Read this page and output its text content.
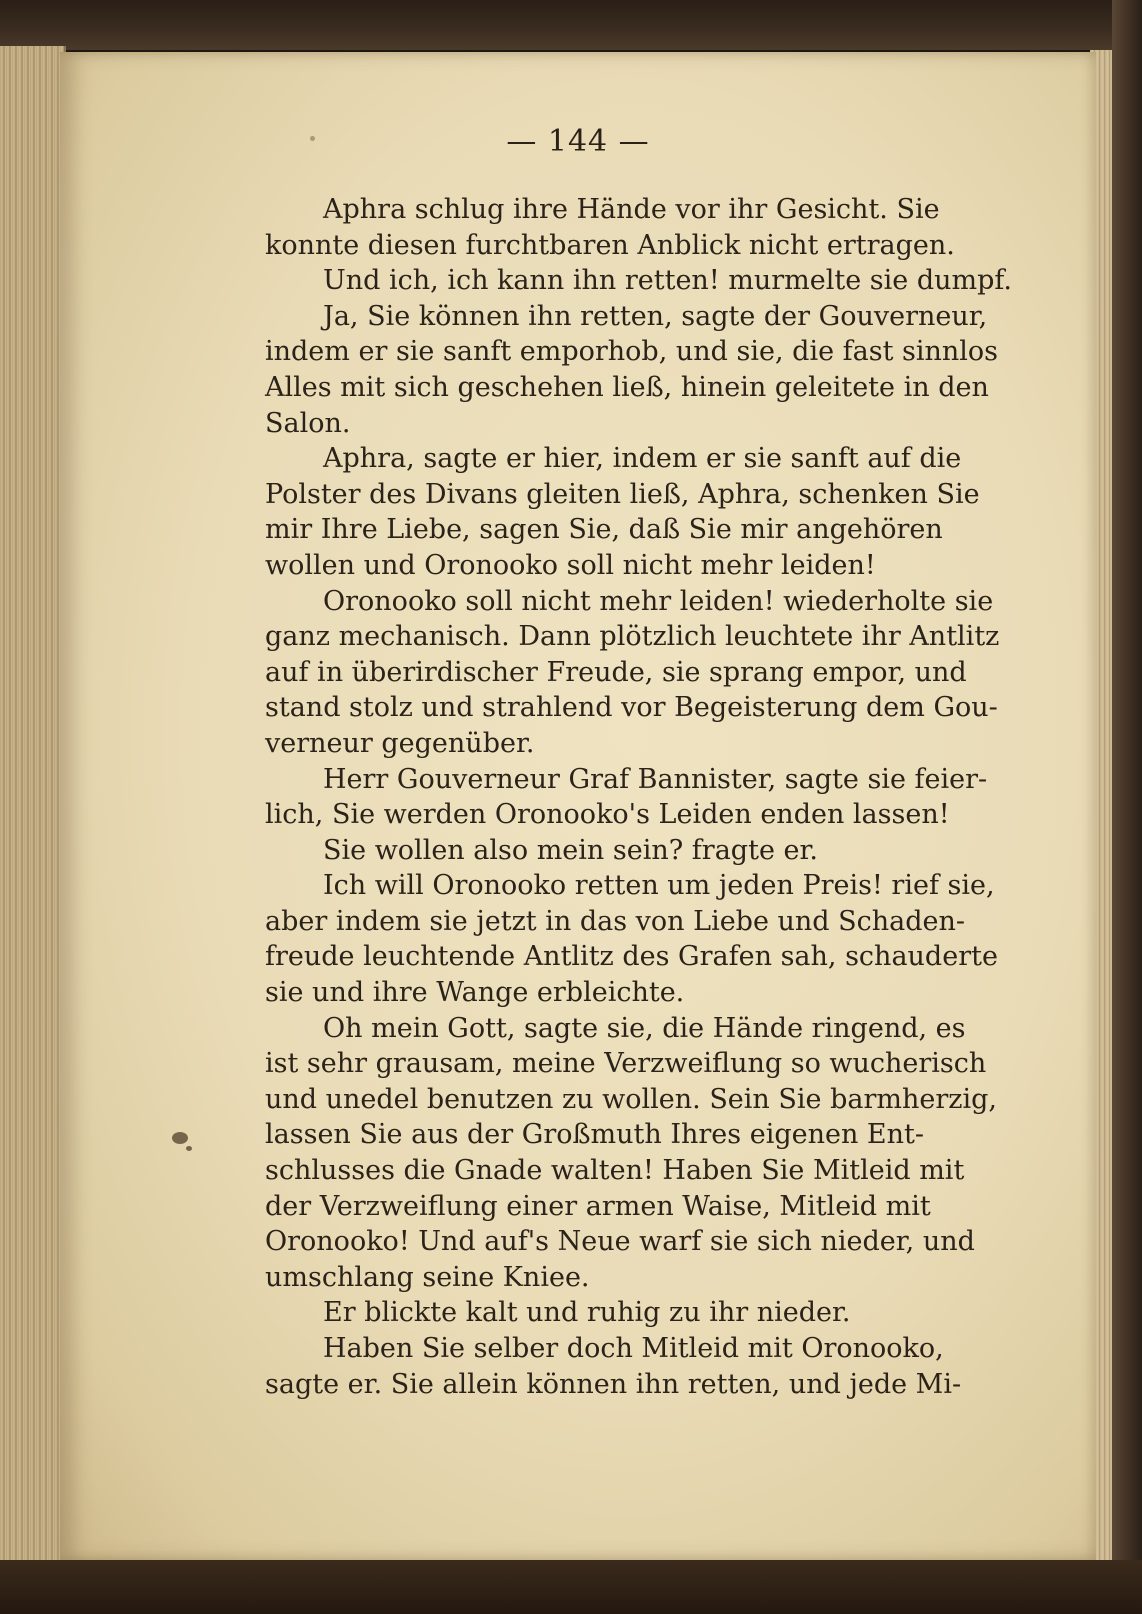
— 144 —
Aphra schlug ihre Hände vor ihr Gesicht. Sie
konnte diesen furchtbaren Anblick nicht ertragen.
Und ich, ich kann ihn retten! murmelte sie dumpf.
Ja, Sie können ihn retten, sagte der Gouverneur,
indem er sie sanft emporhob, und sie, die fast sinnlos
Alles mit sich geschehen ließ, hinein geleitete in den
Salon.
Aphra, sagte er hier, indem er sie sanft auf die
Polster des Divans gleiten ließ, Aphra, schenken Sie
mir Ihre Liebe, sagen Sie, daß Sie mir angehören
wollen und Oronooko soll nicht mehr leiden!
Oronooko soll nicht mehr leiden! wiederholte sie
ganz mechanisch. Dann plötzlich leuchtete ihr Antlitz
auf in überirdischer Freude, sie sprang empor, und
stand stolz und strahlend vor Begeisterung dem Gou-
verneur gegenüber.
Herr Gouverneur Graf Bannister, sagte sie feier-
lich, Sie werden Oronooko's Leiden enden lassen!
Sie wollen also mein sein? fragte er.
Ich will Oronooko retten um jeden Preis! rief sie,
aber indem sie jetzt in das von Liebe und Schaden-
freude leuchtende Antlitz des Grafen sah, schauderte
sie und ihre Wange erbleichte.
Oh mein Gott, sagte sie, die Hände ringend, es
ist sehr grausam, meine Verzweiflung so wucherisch
und unedel benutzen zu wollen. Sein Sie barmherzig,
lassen Sie aus der Großmuth Ihres eigenen Ent-
schlusses die Gnade walten! Haben Sie Mitleid mit
der Verzweiflung einer armen Waise, Mitleid mit
Oronooko! Und auf's Neue warf sie sich nieder, und
umschlang seine Kniee.
Er blickte kalt und ruhig zu ihr nieder.
Haben Sie selber doch Mitleid mit Oronooko,
sagte er. Sie allein können ihn retten, und jede Mi-
